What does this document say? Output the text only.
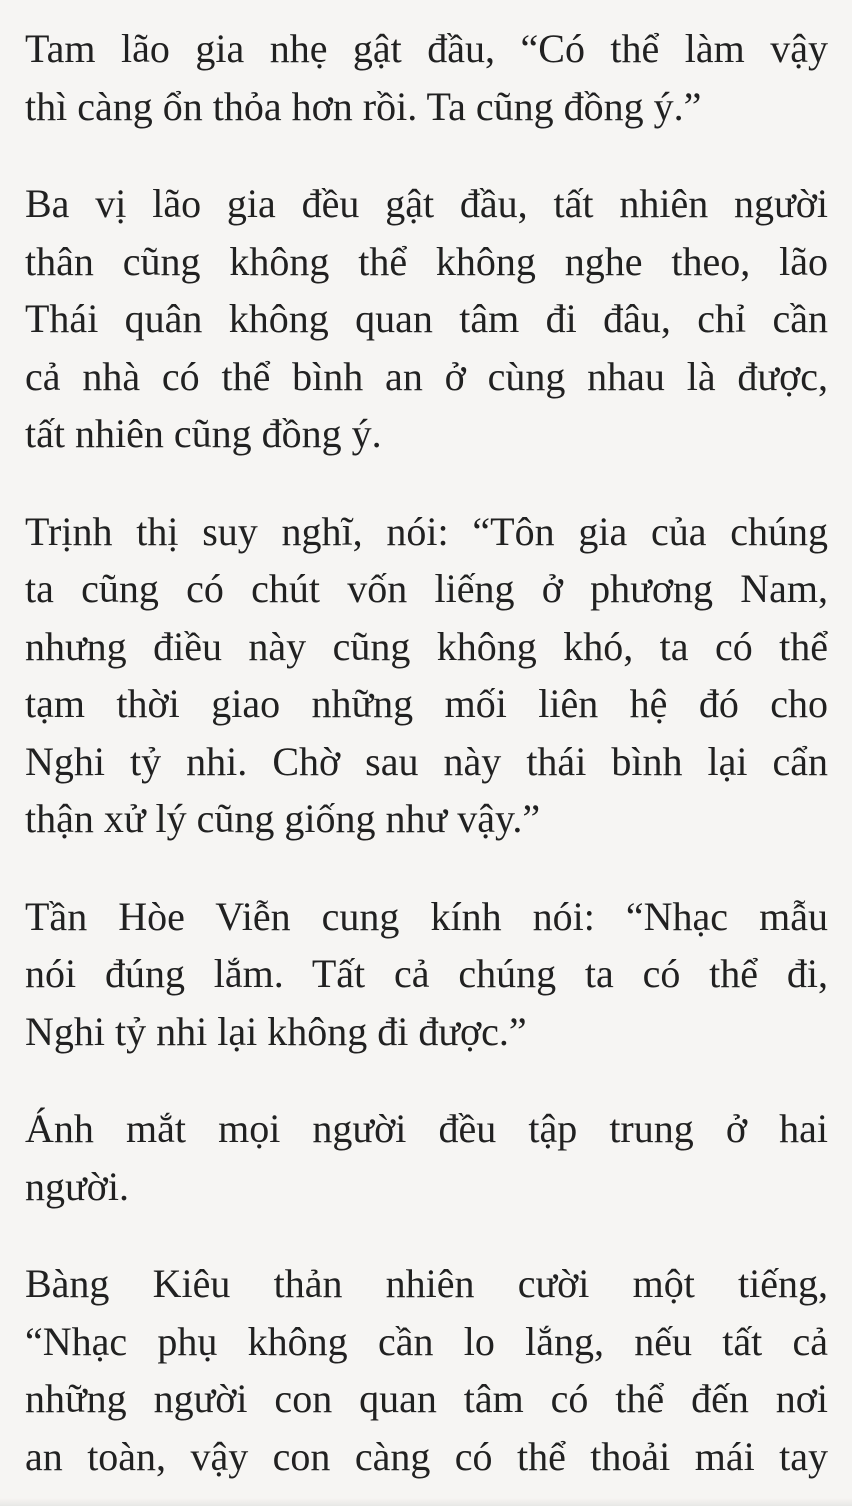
Tam lão gia nhẹ gật đầu, “Có thể làm vậy
thì càng ổn thỏa hơn rồi. Ta cũng đồng ý.”
Ba vị lão gia đều gật đầu, tất nhiên người
thân cũng không thể không nghe theo, lão
Thái quân không quan tâm đi đâu, chỉ cần
cả nhà có thể bình an ở cùng nhau là được,
tất nhiên cũng đồng ý.
Trịnh thị suy nghĩ, nói: “Tôn gia của chúng
ta cũng có chút vốn liếng ở phương Nam,
nhưng điều này cũng không khó, ta có thể
tạm thời giao những mối liên hệ đó cho
Nghi tỷ nhi. Chờ sau này thái bình lại cẩn
thận xử lý cũng giống như vậy.”
Tần Hòe Viễn cung kính nói: “Nhạc mẫu
nói đúng lắm. Tất cả chúng ta có thể đi,
Nghi tỷ nhi lại không đi được.”
Ánh mắt mọi người đều tập trung ở hai
người.
Bàng Kiêu thản nhiên cười một tiếng,
“Nhạc phụ không cần lo lắng, nếu tất cả
những người con quan tâm có thể đến nơi
an toàn, vậy con càng có thể thoải mái tay
